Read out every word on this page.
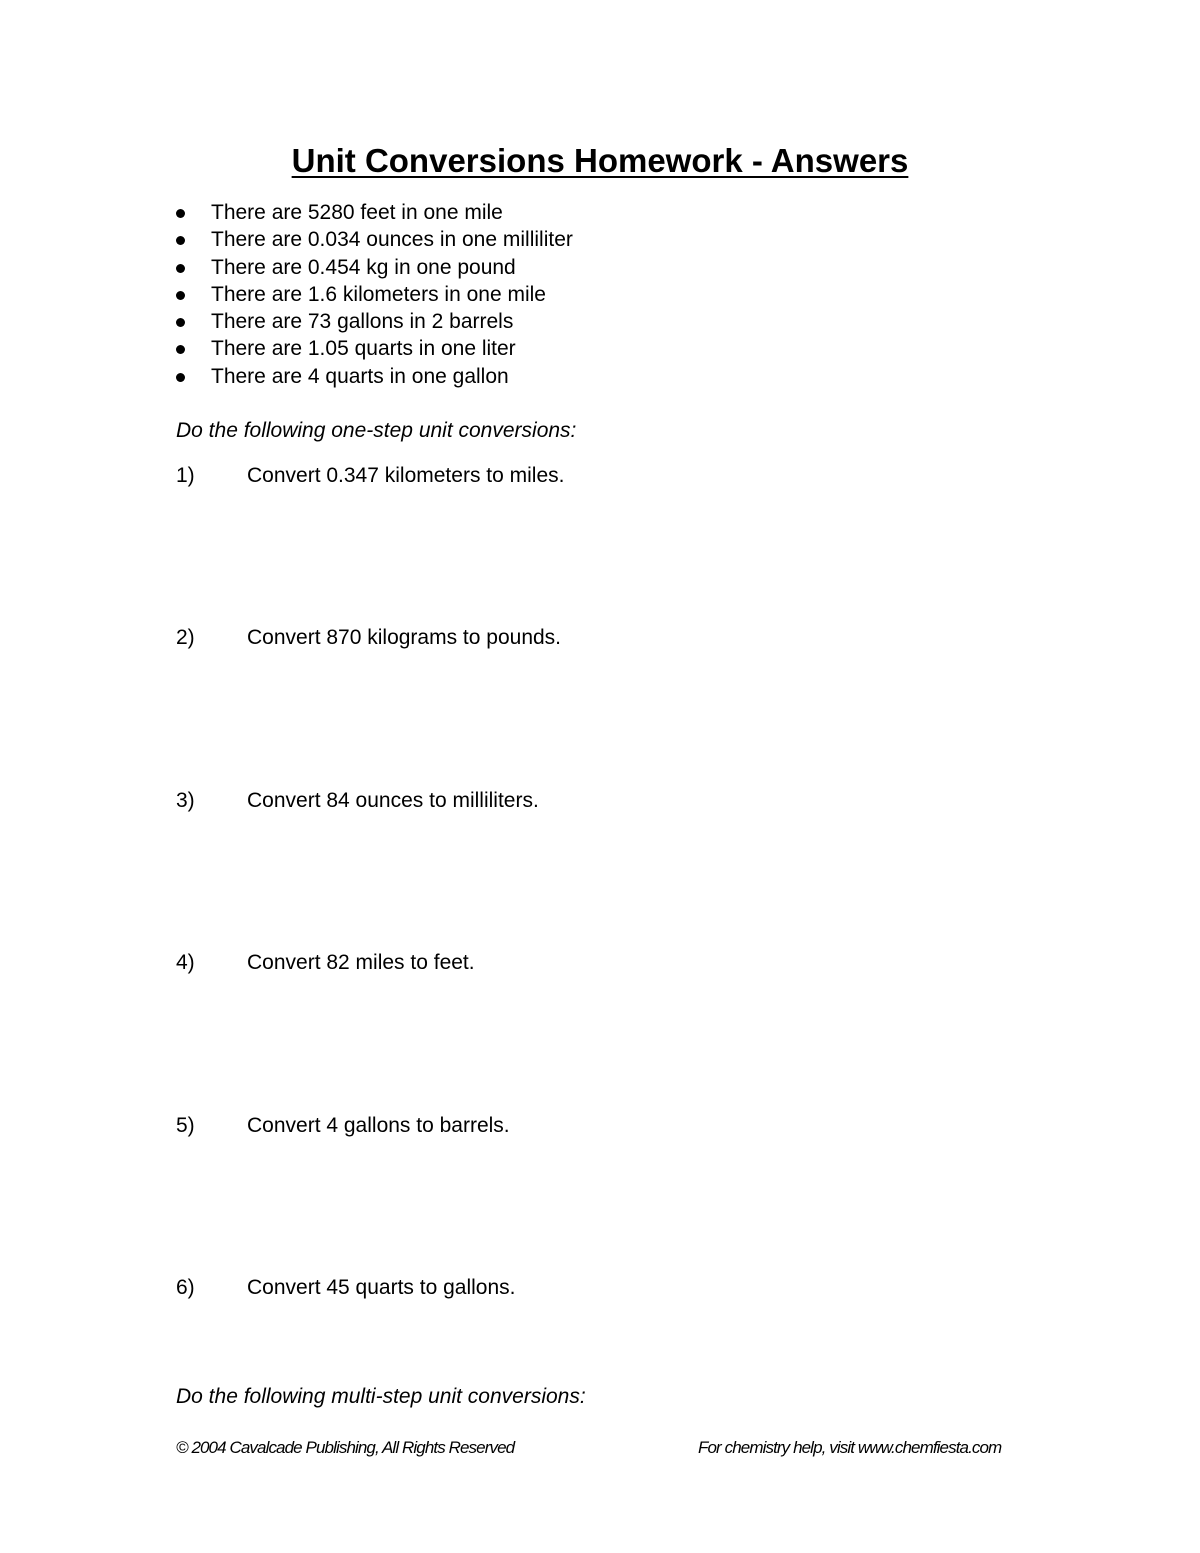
Unit Conversions Homework - Answers
There are 5280 feet in one mile
There are 0.034 ounces in one milliliter
There are 0.454 kg in one pound
There are 1.6 kilometers in one mile
There are 73 gallons in 2 barrels
There are 1.05 quarts in one liter
There are 4 quarts in one gallon

Do the following one-step unit conversions:

1) Convert 0.347 kilometers to miles.
2) Convert 870 kilograms to pounds.
3) Convert 84 ounces to milliliters.
4) Convert 82 miles to feet.
5) Convert 4 gallons to barrels.
6) Convert 45 quarts to gallons.

Do the following multi-step unit conversions:

© 2004 Cavalcade Publishing, All Rights Reserved	For chemistry help, visit www.chemfiesta.com
